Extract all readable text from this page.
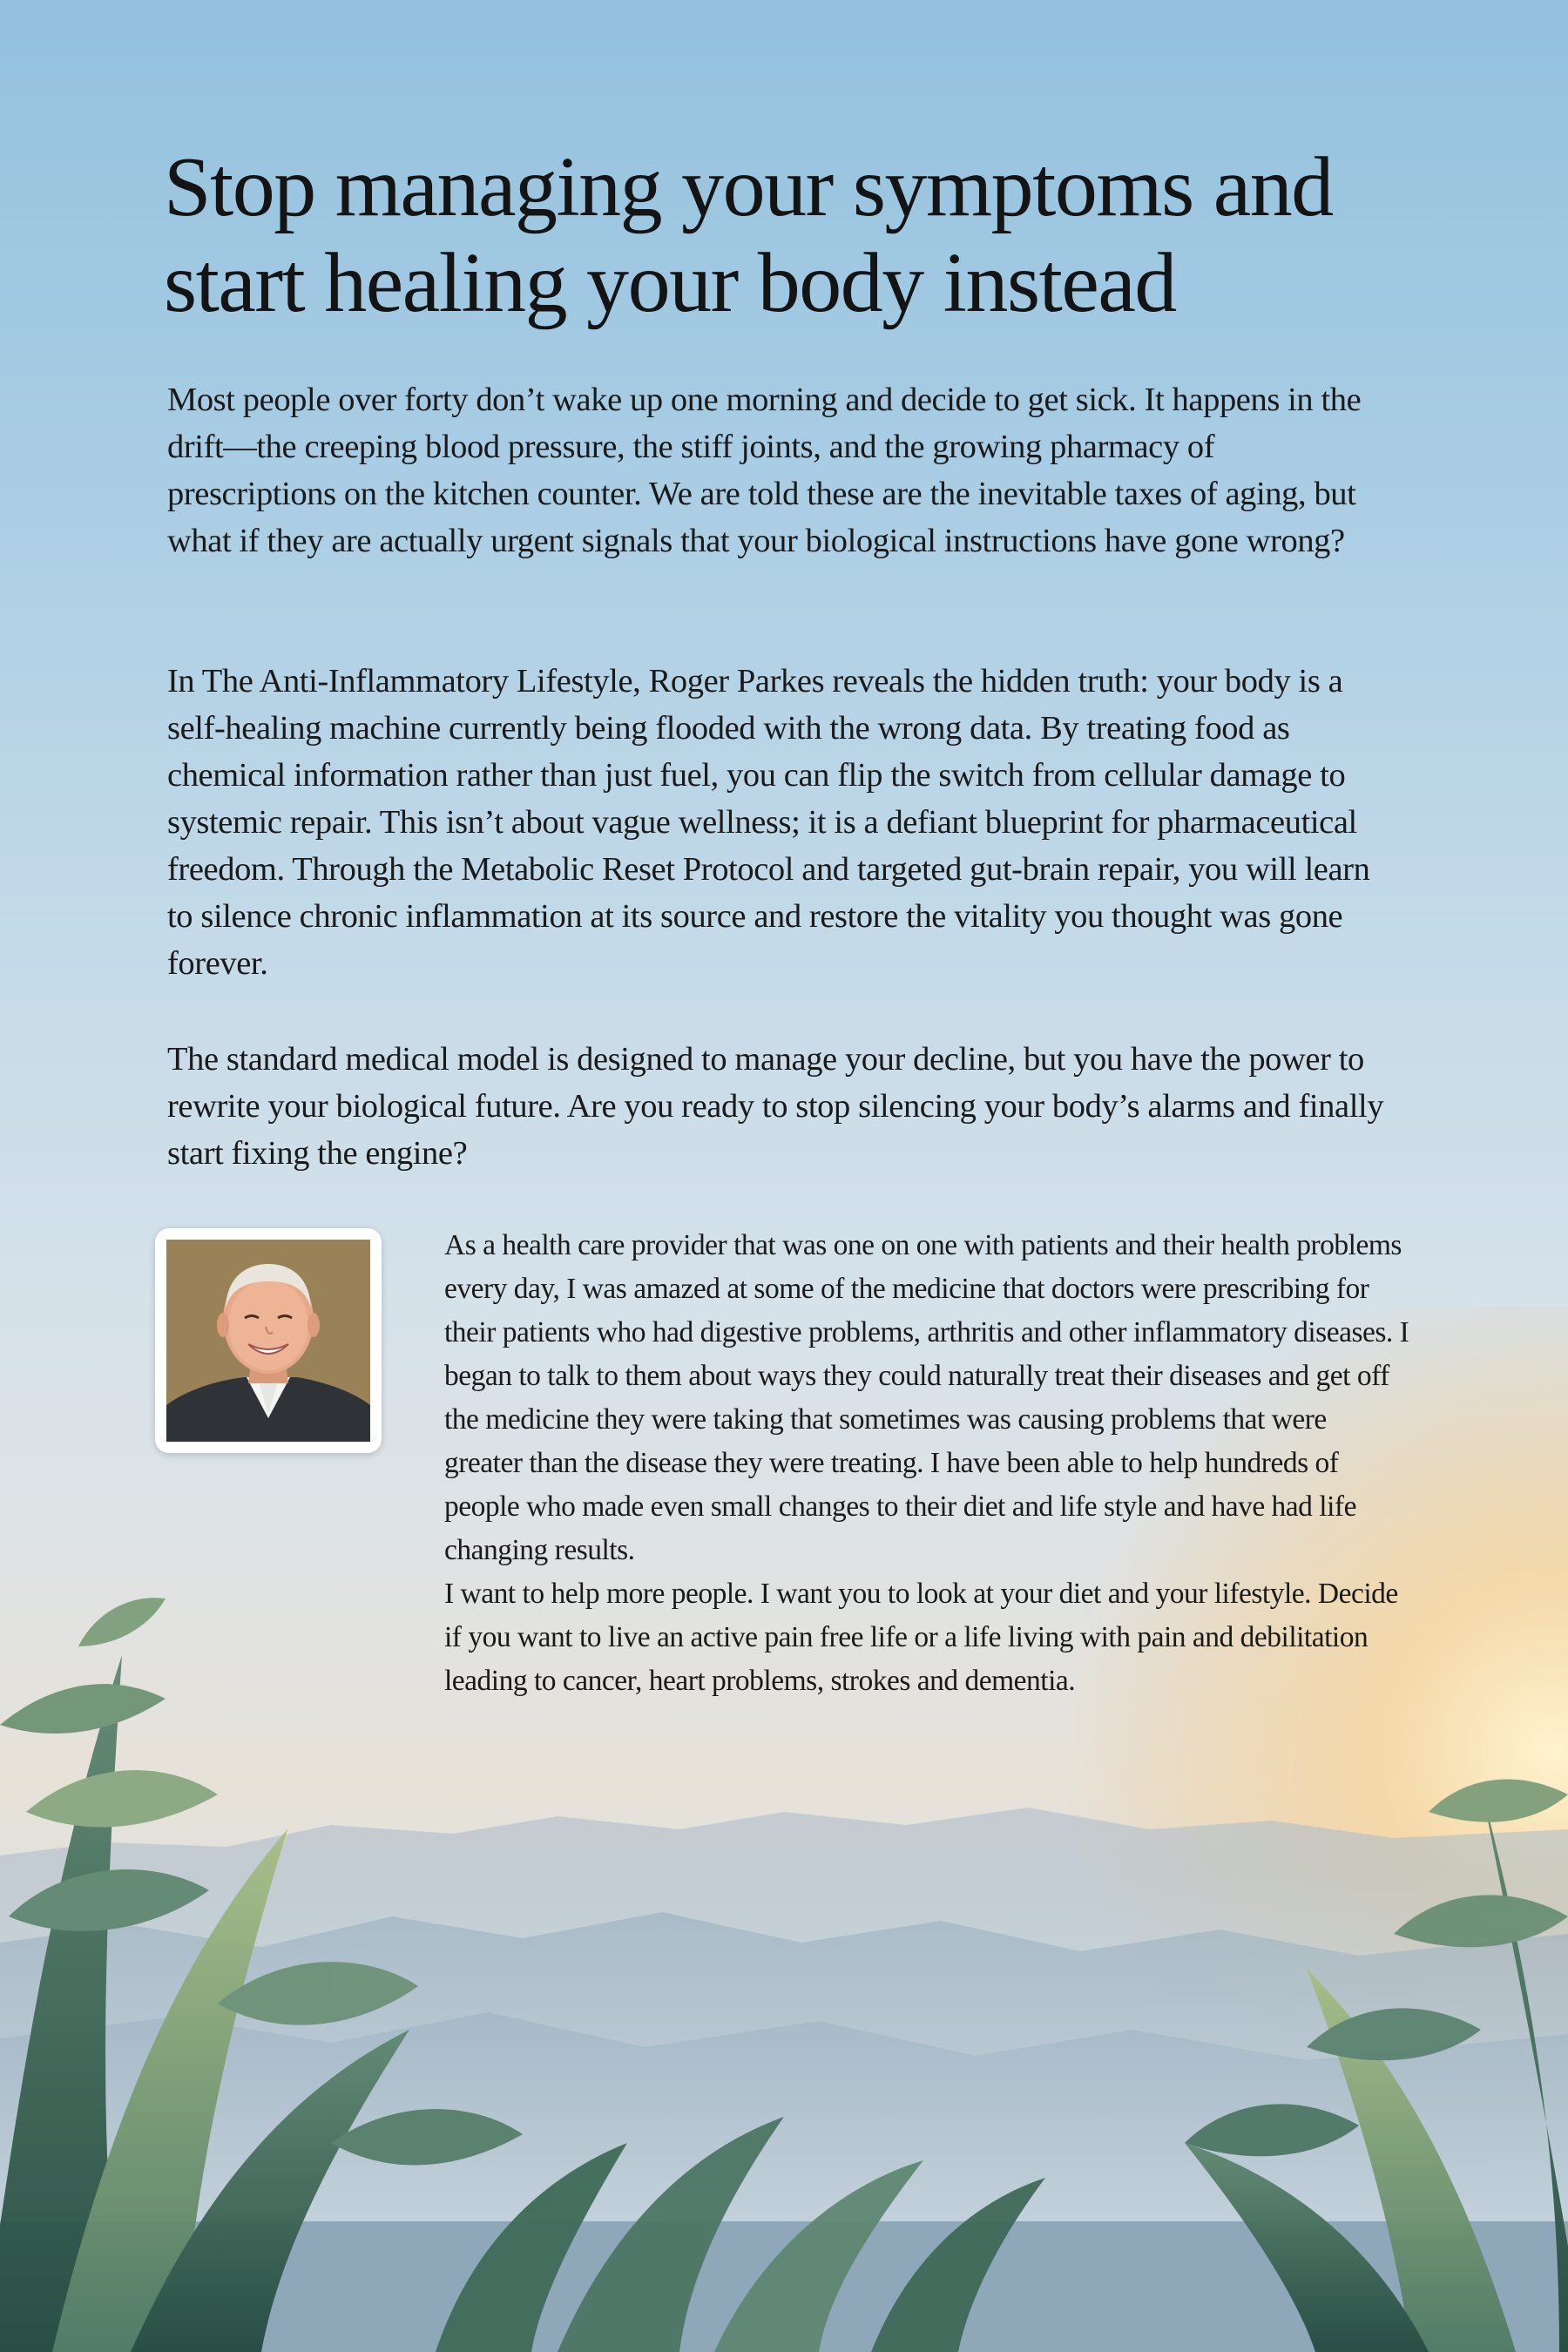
Stop managing your symptoms and start healing your body instead

Most people over forty don’t wake up one morning and decide to get sick. It happens in the drift—the creeping blood pressure, the stiff joints, and the growing pharmacy of prescriptions on the kitchen counter. We are told these are the inevitable taxes of aging, but what if they are actually urgent signals that your biological instructions have gone wrong?

In The Anti-Inflammatory Lifestyle, Roger Parkes reveals the hidden truth: your body is a self-healing machine currently being flooded with the wrong data. By treating food as chemical information rather than just fuel, you can flip the switch from cellular damage to systemic repair. This isn’t about vague wellness; it is a defiant blueprint for pharmaceutical freedom. Through the Metabolic Reset Protocol and targeted gut-brain repair, you will learn to silence chronic inflammation at its source and restore the vitality you thought was gone forever.

The standard medical model is designed to manage your decline, but you have the power to rewrite your biological future. Are you ready to stop silencing your body’s alarms and finally start fixing the engine?

As a health care provider that was one on one with patients and their health problems every day, I was amazed at some of the medicine that doctors were prescribing for their patients who had digestive problems, arthritis and other inflammatory diseases. I began to talk to them about ways they could naturally treat their diseases and get off the medicine they were taking that sometimes was causing problems that were greater than the disease they were treating. I have been able to help hundreds of people who made even small changes to their diet and life style and have had life changing results.

I want to help more people. I want you to look at your diet and your lifestyle. Decide if you want to live an active pain free life or a life living with pain and debilitation leading to cancer, heart problems, strokes and dementia.
